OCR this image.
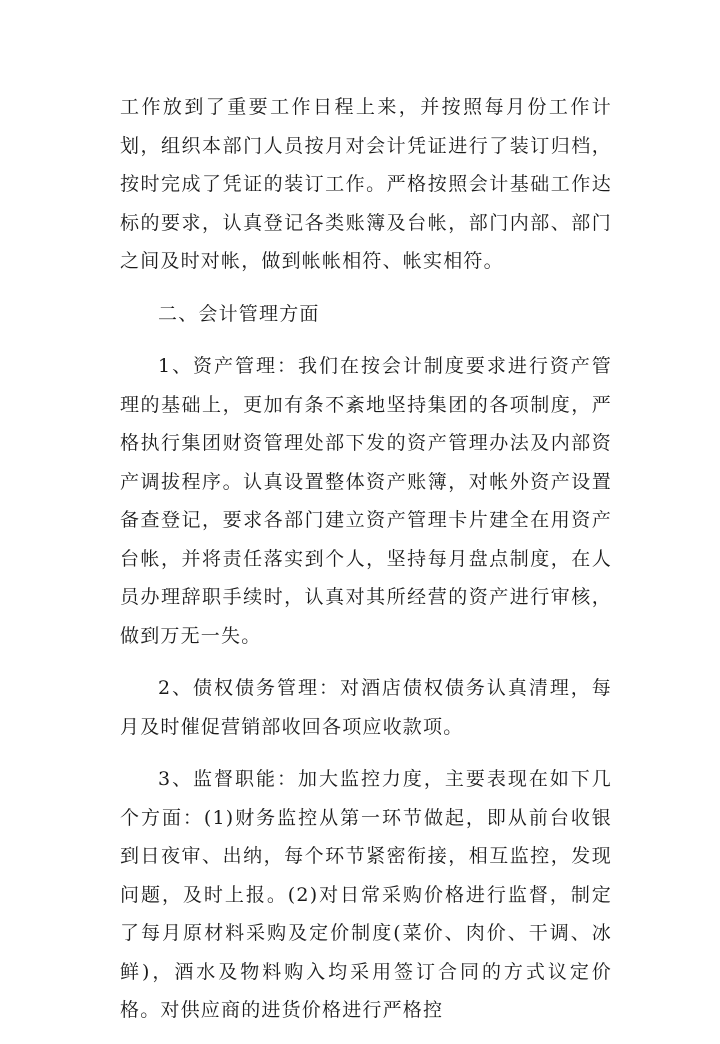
工作放到了重要工作日程上来，并按照每月份工作计划，组织本部门人员按月对会计凭证进行了装订归档，按时完成了凭证的装订工作。严格按照会计基础工作达标的要求，认真登记各类账簿及台帐，部门内部、部门之间及时对帐，做到帐帐相符、帐实相符。

二、会计管理方面

1、资产管理：我们在按会计制度要求进行资产管理的基础上，更加有条不紊地坚持集团的各项制度，严格执行集团财资管理处部下发的资产管理办法及内部资产调拔程序。认真设置整体资产账簿，对帐外资产设置备查登记，要求各部门建立资产管理卡片建全在用资产台帐，并将责任落实到个人，坚持每月盘点制度，在人员办理辞职手续时，认真对其所经营的资产进行审核，做到万无一失。

2、债权债务管理：对酒店债权债务认真清理，每月及时催促营销部收回各项应收款项。

3、监督职能：加大监控力度，主要表现在如下几个方面：(1)财务监控从第一环节做起，即从前台收银到日夜审、出纳，每个环节紧密衔接，相互监控，发现问题，及时上报。(2)对日常采购价格进行监督，制定了每月原材料采购及定价制度(菜价、肉价、干调、冰鲜)，酒水及物料购入均采用签订合同的方式议定价格。对供应商的进货价格进行严格控
